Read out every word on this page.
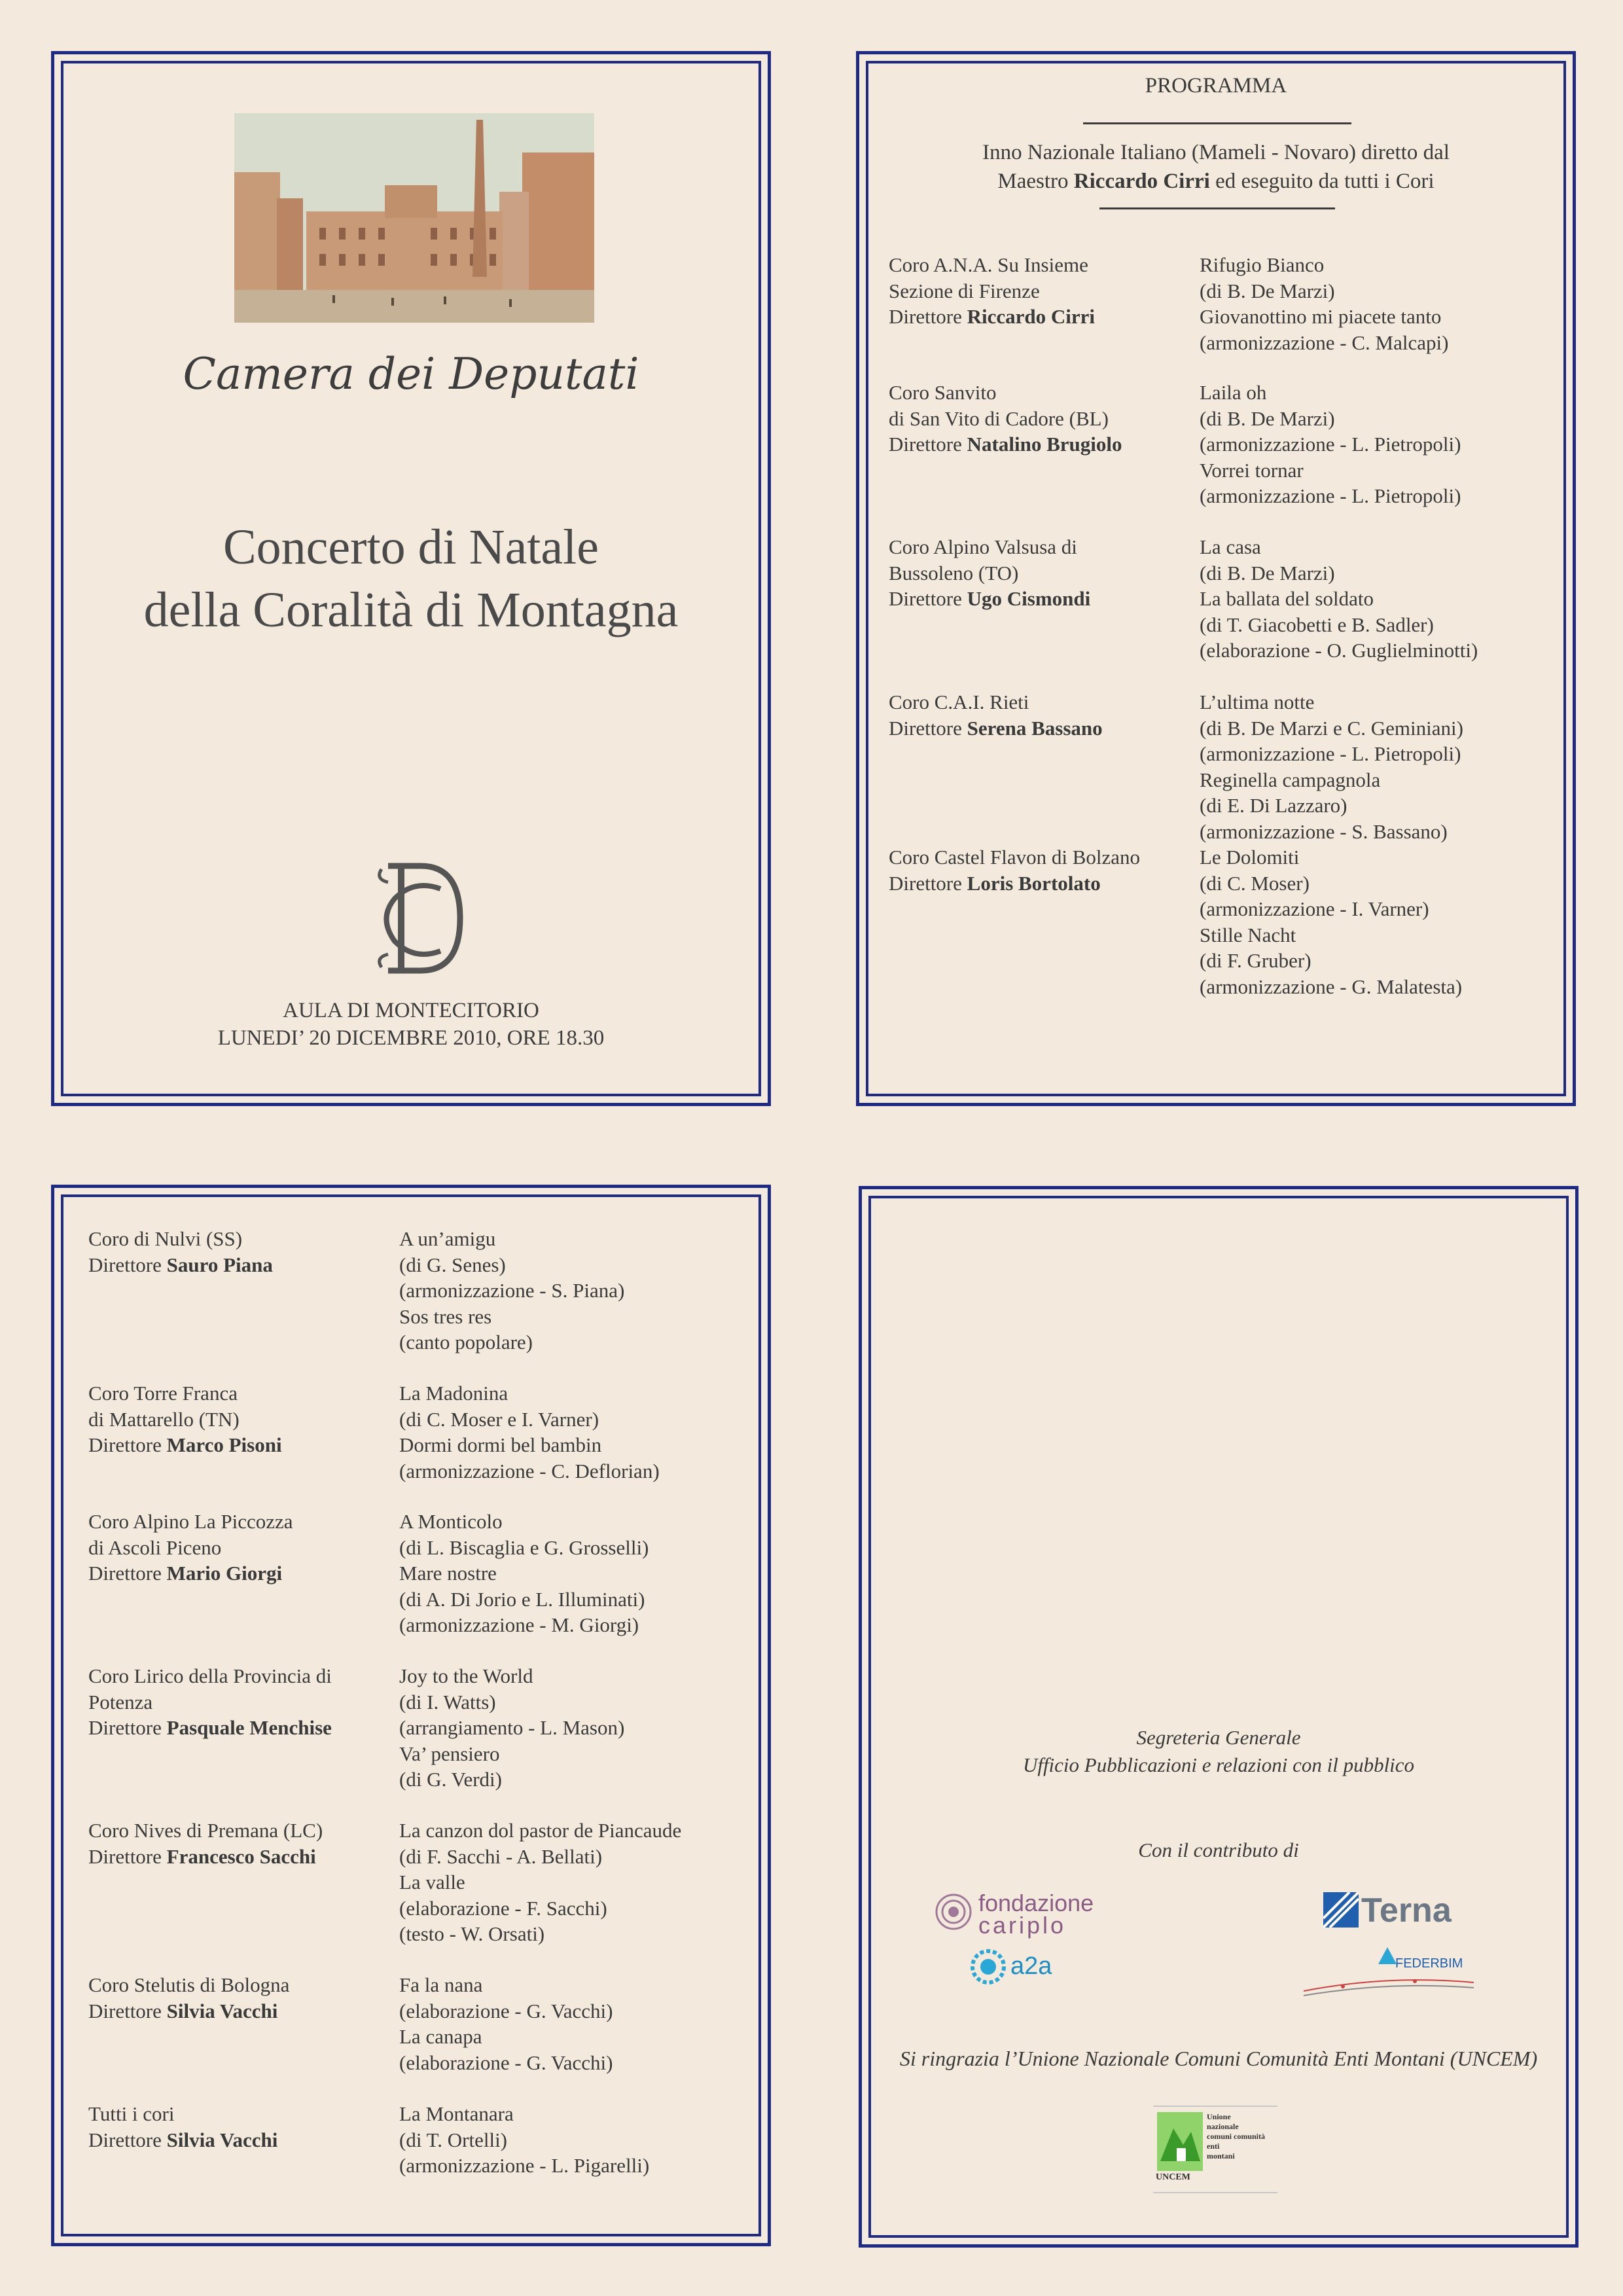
Camera dei Deputati
Concerto di Natale
della Coralità di Montagna
AULA DI MONTECITORIO
LUNEDI’ 20 DICEMBRE 2010, ORE 18.30
PROGRAMMA
Inno Nazionale Italiano (Mameli - Novaro) diretto dal
Maestro Riccardo Cirri ed eseguito da tutti i Cori
Coro A.N.A. Su Insieme
Sezione di Firenze
Direttore Riccardo Cirri
Rifugio Bianco
(di B. De Marzi)
Giovanottino mi piacete tanto
(armonizzazione - C. Malcapi)
Coro Sanvito
di San Vito di Cadore (BL)
Direttore Natalino Brugiolo
Laila oh
(di B. De Marzi)
(armonizzazione - L. Pietropoli)
Vorrei tornar
(armonizzazione - L. Pietropoli)
Coro Alpino Valsusa di
Bussoleno (TO)
Direttore Ugo Cismondi
La casa
(di B. De Marzi)
La ballata del soldato
(di T. Giacobetti e B. Sadler)
(elaborazione - O. Guglielminotti)
Coro C.A.I. Rieti
Direttore Serena Bassano
L’ultima notte
(di B. De Marzi e C. Geminiani)
(armonizzazione - L. Pietropoli)
Reginella campagnola
(di E. Di Lazzaro)
(armonizzazione - S. Bassano)
Coro Castel Flavon di Bolzano
Direttore Loris Bortolato
Le Dolomiti
(di C. Moser)
(armonizzazione - I. Varner)
Stille Nacht
(di F. Gruber)
(armonizzazione - G. Malatesta)
Coro di Nulvi (SS)
Direttore Sauro Piana
A un’amigu
(di G. Senes)
(armonizzazione - S. Piana)
Sos tres res
(canto popolare)
Coro Torre Franca
di Mattarello (TN)
Direttore Marco Pisoni
La Madonina
(di C. Moser e I. Varner)
Dormi dormi bel bambin
(armonizzazione - C. Deflorian)
Coro Alpino La Piccozza
di Ascoli Piceno
Direttore Mario Giorgi
A Monticolo
(di L. Biscaglia e G. Grosselli)
Mare nostre
(di A. Di Jorio e L. Illuminati)
(armonizzazione - M. Giorgi)
Coro Lirico della Provincia di
Potenza
Direttore Pasquale Menchise
Joy to the World
(di I. Watts)
(arrangiamento - L. Mason)
Va’ pensiero
(di G. Verdi)
Coro Nives di Premana (LC)
Direttore Francesco Sacchi
La canzon dol pastor de Piancaude
(di F. Sacchi - A. Bellati)
La valle
(elaborazione - F. Sacchi)
(testo - W. Orsati)
Coro Stelutis di Bologna
Direttore Silvia Vacchi
Fa la nana
(elaborazione - G. Vacchi)
La canapa
(elaborazione - G. Vacchi)
Tutti i cori
Direttore Silvia Vacchi
La Montanara
(di T. Ortelli)
(armonizzazione - L. Pigarelli)
Segreteria Generale
Ufficio Pubblicazioni e relazioni con il pubblico
Con il contributo di
fondazione
cariplo	Terna
a2a	FEDERBIM
Si ringrazia l’Unione Nazionale Comuni Comunità Enti Montani (UNCEM)
Unione
nazionale
comuni comunità
enti
montani
UNCEM
